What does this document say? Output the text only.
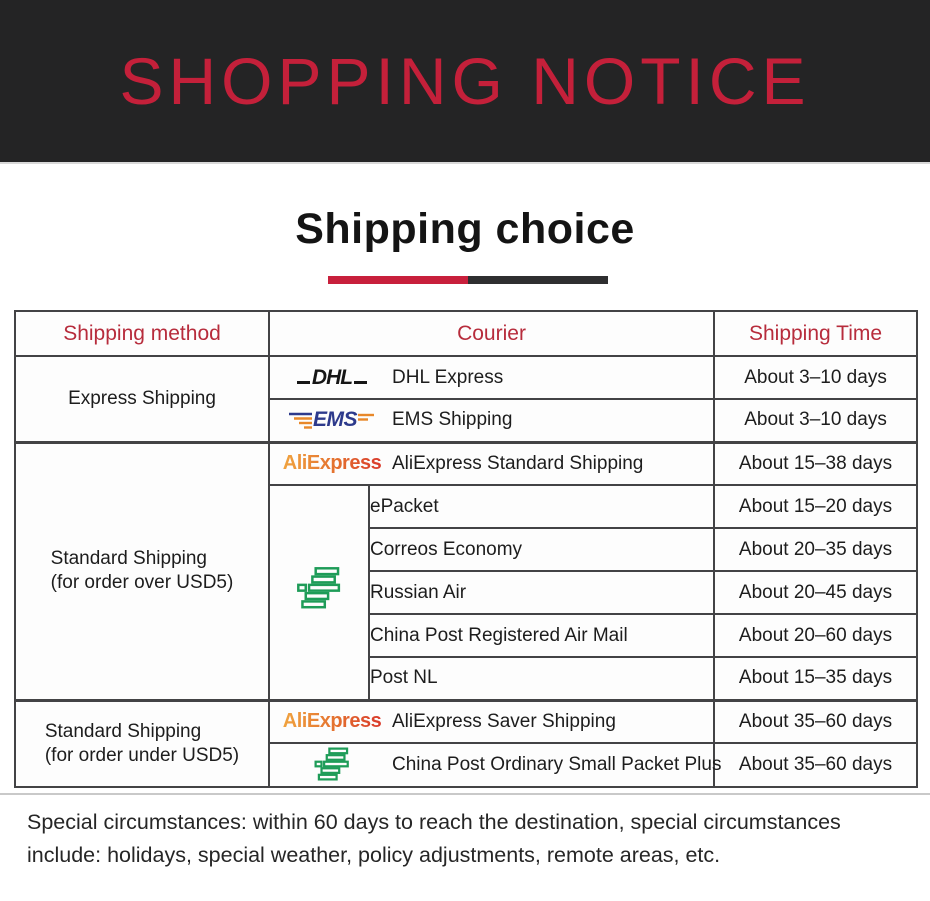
SHOPPING NOTICE
Shipping choice
Shipping method	Courier		Shipping Time
Express Shipping	DHL DHL Express		About 3–10 days

	EMS EMS Shipping		About 3–10 days
Standard Shipping
(for order over USD5)	AliExpress AliExpress Standard Shipping		About 15–38 days
	ePacket	About 15–20 days
		Correos Economy	About 20–35 days
		Russian Air	About 20–45 days
		China Post Registered Air Mail	About 20–60 days
		Post NL	About 15–35 days
Standard Shipping
(for order under USD5)	AliExpress AliExpress Saver Shipping		About 35–60 days

	China Post Ordinary Small Packet Plus		About 35–60 days
Special circumstances: within 60 days to reach the destination, special circumstances
include: holidays, special weather, policy adjustments, remote areas, etc.
